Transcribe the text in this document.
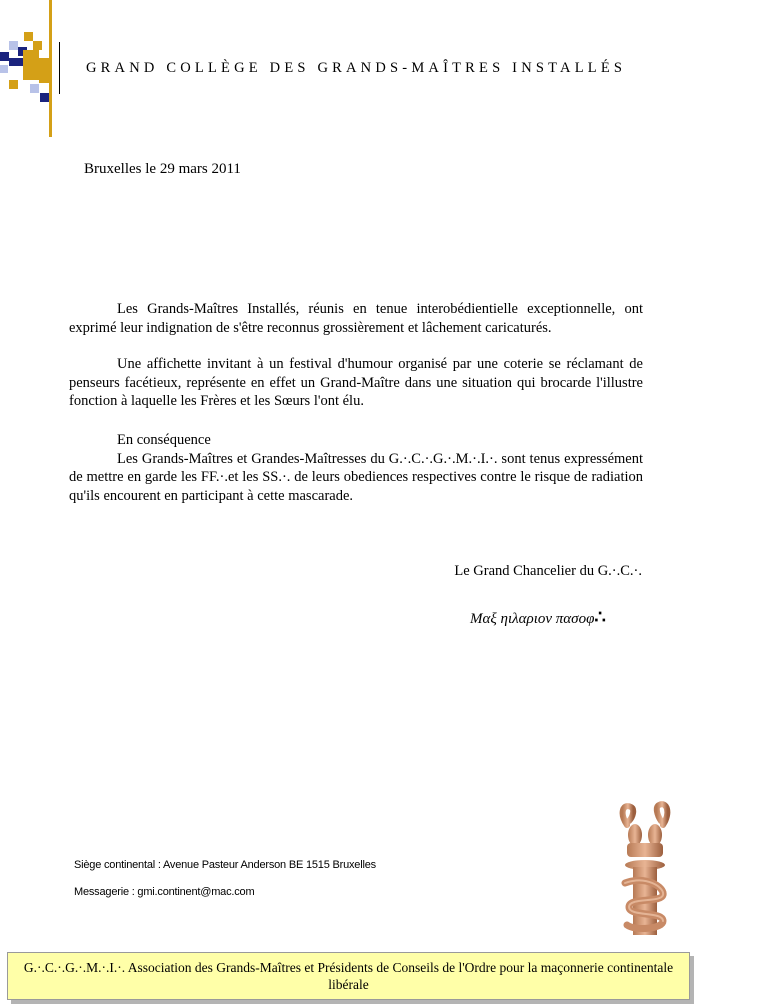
GRAND COLLÈGE DES GRANDS-MAÎTRES INSTALLÉS
Bruxelles le 29 mars 2011
Les Grands-Maîtres Installés, réunis en tenue interobédientielle exceptionnelle, ont exprimé leur indignation de s'être reconnus grossièrement et lâchement caricaturés.
Une affichette invitant à un festival d'humour organisé par une coterie se réclamant de penseurs facétieux, représente en effet un Grand-Maître dans une situation qui brocarde l'illustre fonction à laquelle les Frères et les Sœurs l'ont élu.
En conséquence
Les Grands-Maîtres et Grandes-Maîtresses du G.·.C.·.G.·.M.·.I.·. sont tenus expressément de mettre en garde les FF.·.et les SS.·. de leurs obediences respectives contre le risque de radiation qu'ils encourent en participant à cette mascarade.
Le Grand Chancelier du G.·.C.·.
Μαξ ηιλαριον πασοφ∴
Siège continental : Avenue Pasteur Anderson BE 1515 Bruxelles
Messagerie : gmi.continent@mac.com
G.·.C.·.G.·.M.·.I.·. Association des Grands-Maîtres et Présidents de Conseils de l'Ordre pour la maçonnerie continentale libérale
